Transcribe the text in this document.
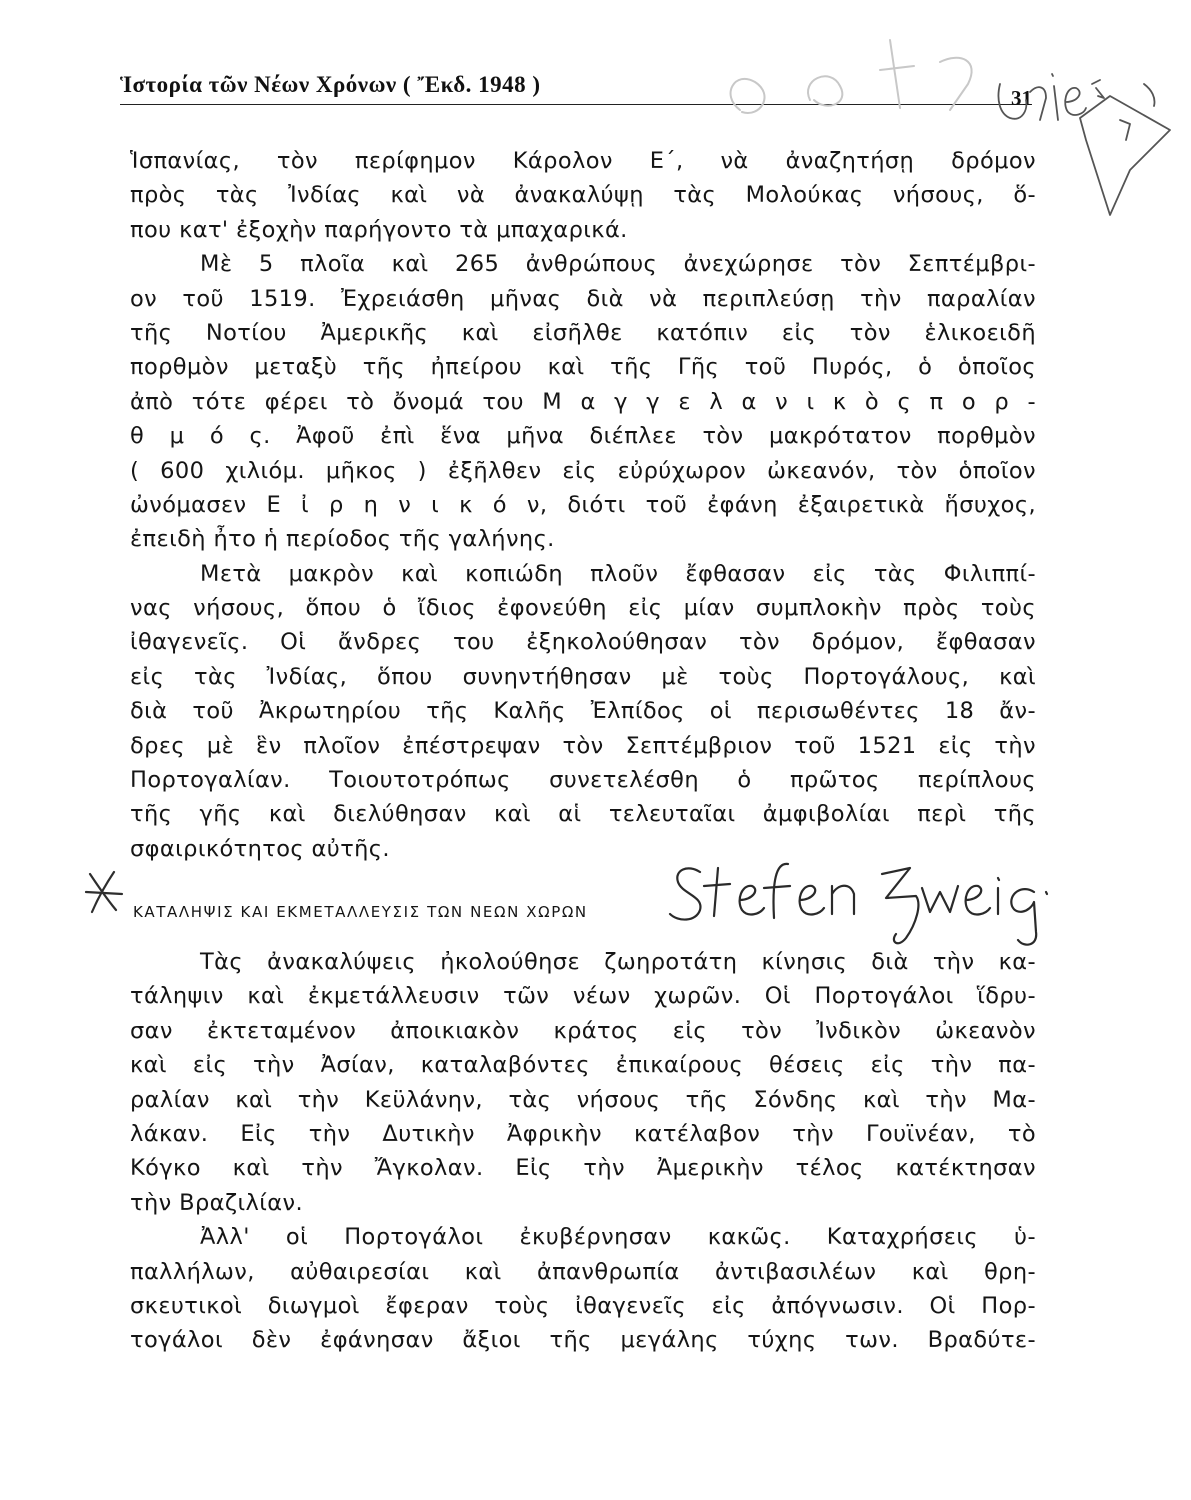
Ἱστορία τῶν Νέων Χρόνων ( Ἔκδ. 1948 )
31
Ἱσπανίας, τὸν περίφημον Κάρολον Ε΄, νὰ ἀναζητήσῃ δρόμον
πρὸς τὰς Ἰνδίας καὶ νὰ ἀνακαλύψῃ τὰς Μολούκας νήσους, ὅ-
που κατ' ἐξοχὴν παρήγοντο τὰ μπαχαρικά.
Μὲ 5 πλοῖα καὶ 265 ἀνθρώπους ἀνεχώρησε τὸν Σεπτέμβρι-
ον τοῦ 1519. Ἐχρειάσθη μῆνας διὰ νὰ περιπλεύσῃ τὴν παραλίαν
τῆς Νοτίου Ἀμερικῆς καὶ εἰσῆλθε κατόπιν εἰς τὸν ἑλικοειδῆ
πορθμὸν μεταξὺ τῆς ἠπείρου καὶ τῆς Γῆς τοῦ Πυρός, ὁ ὁποῖος
ἀπὸ τότε φέρει τὸ ὄνομά του Μ α γ γ ε λ α ν ι κ ὸ ς π ο ρ -
θ μ ό ς. Ἀφοῦ ἐπὶ ἕνα μῆνα διέπλεε τὸν μακρότατον πορθμὸν
( 600 χιλιόμ. μῆκος ) ἐξῆλθεν εἰς εὐρύχωρον ὠκεανόν, τὸν ὁποῖον
ὠνόμασεν Ε ἰ ρ η ν ι κ ό ν, διότι τοῦ ἐφάνη ἐξαιρετικὰ ἥσυχος,
ἐπειδὴ ἦτο ἡ περίοδος τῆς γαλήνης.
Μετὰ μακρὸν καὶ κοπιώδη πλοῦν ἔφθασαν εἰς τὰς Φιλιππί-
νας νήσους, ὅπου ὁ ἴδιος ἐφονεύθη εἰς μίαν συμπλοκὴν πρὸς τοὺς
ἰθαγενεῖς. Οἱ ἄνδρες του ἐξηκολούθησαν τὸν δρόμον, ἔφθασαν
εἰς τὰς Ἰνδίας, ὅπου συνηντήθησαν μὲ τοὺς Πορτογάλους, καὶ
διὰ τοῦ Ἀκρωτηρίου τῆς Καλῆς Ἐλπίδος οἱ περισωθέντες 18 ἄν-
δρες μὲ ἓν πλοῖον ἐπέστρεψαν τὸν Σεπτέμβριον τοῦ 1521 εἰς τὴν
Πορτογαλίαν. Τοιουτοτρόπως συνετελέσθη ὁ πρῶτος περίπλους
τῆς γῆς καὶ διελύθησαν καὶ αἱ τελευταῖαι ἀμφιβολίαι περὶ τῆς
σφαιρικότητος αὐτῆς.
ΚΑΤΑΛΗΨΙΣ ΚΑΙ ΕΚΜΕΤΑΛΛΕΥΣΙΣ ΤΩΝ ΝΕΩΝ ΧΩΡΩΝ
Τὰς ἀνακαλύψεις ἠκολούθησε ζωηροτάτη κίνησις διὰ τὴν κα-
τάληψιν καὶ ἐκμετάλλευσιν τῶν νέων χωρῶν. Οἱ Πορτογάλοι ἵδρυ-
σαν ἐκτεταμένον ἀποικιακὸν κράτος εἰς τὸν Ἰνδικὸν ὠκεανὸν
καὶ εἰς τὴν Ἀσίαν, καταλαβόντες ἐπικαίρους θέσεις εἰς τὴν πα-
ραλίαν καὶ τὴν Κεϋλάνην, τὰς νήσους τῆς Σόνδης καὶ τὴν Μα-
λάκαν. Εἰς τὴν Δυτικὴν Ἀφρικὴν κατέλαβον τὴν Γουϊνέαν, τὸ
Κόγκο καὶ τὴν Ἄγκολαν. Εἰς τὴν Ἀμερικὴν τέλος κατέκτησαν
τὴν Βραζιλίαν.
Ἀλλ' οἱ Πορτογάλοι ἐκυβέρνησαν κακῶς. Καταχρήσεις ὑ-
παλλήλων, αὐθαιρεσίαι καὶ ἀπανθρωπία ἀντιβασιλέων καὶ θρη-
σκευτικοὶ διωγμοὶ ἔφεραν τοὺς ἰθαγενεῖς εἰς ἀπόγνωσιν. Οἱ Πορ-
τογάλοι δὲν ἐφάνησαν ἄξιοι τῆς μεγάλης τύχης των. Βραδύτε-
